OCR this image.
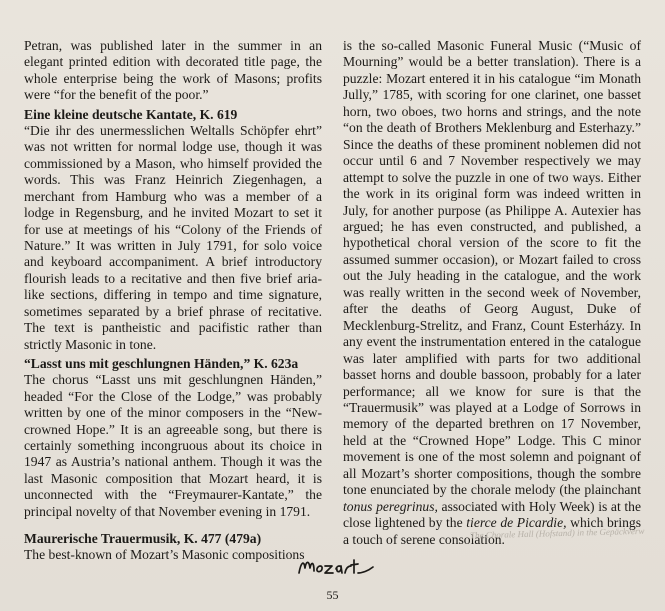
Petran, was published later in the summer in an elegant printed edition with decorated title page, the whole enterprise being the work of Masons; profits were “for the benefit of the poor.”

Eine kleine deutsche Kantate, K. 619

“Die ihr des unermesslichen Weltalls Schöpfer ehrt” was not written for normal lodge use, though it was commissioned by a Mason, who himself provided the words. This was Franz Heinrich Ziegenhagen, a merchant from Hamburg who was a member of a lodge in Regensburg, and he invited Mozart to set it for use at meetings of his “Colony of the Friends of Nature.” It was written in July 1791, for solo voice and keyboard accompaniment. A brief introductory flourish leads to a recitative and then five brief aria-like sections, differing in tempo and time signature, sometimes separated by a brief phrase of recitative. The text is pantheistic and pacifistic rather than strictly Masonic in tone.

“Lasst uns mit geschlungnen Händen,” K. 623a

The chorus “Lasst uns mit geschlungnen Händen,” headed “For the Close of the Lodge,” was probably written by one of the minor composers in the “New-crowned Hope.” It is an agreeable song, but there is certainly something incongruous about its choice in 1947 as Austria’s national anthem. Though it was the last Masonic composition that Mozart heard, it is unconnected with the “Freymaurer-Kantate,” the principal novelty of that November evening in 1791.

Maurerische Trauermusik, K. 477 (479a)

The best-known of Mozart’s Masonic compositions

is the so-called Masonic Funeral Music (“Music of Mourning” would be a better translation). There is a puzzle: Mozart entered it in his catalogue “im Monath Jully,” 1785, with scoring for one clarinet, one basset horn, two oboes, two horns and strings, and the note “on the death of Brothers Meklenburg and Esterhazy.” Since the deaths of these prominent noblemen did not occur until 6 and 7 November respectively we may attempt to solve the puzzle in one of two ways. Either the work in its original form was indeed written in July, for another purpose (as Philippe A. Autexier has argued; he has even constructed, and published, a hypothetical choral version of the score to fit the assumed summer occasion), or Mozart failed to cross out the July heading in the catalogue, and the work was really written in the second week of November, after the deaths of Georg August, Duke of Mecklenburg-Strelitz, and Franz, Count Esterházy. In any event the instrumentation entered in the catalogue was later amplified with parts for two additional basset horns and double bassoon, probably for a later performance; all we know for sure is that the “Trauermusik” was played at a Lodge of Sorrows in memory of the departed brethren on 17 November, held at the “Crowned Hope” Lodge. This C minor movement is one of the most solemn and poignant of all Mozart’s shorter compositions, though the sombre tone enunciated by the chorale melody (the plainchant tonus peregrinus, associated with Holy Week) is at the close lightened by the tierce de Picardie, which brings a touch of serene consolation.

The Chorale Hall (Hofstand) in the Gepäckverw
55
